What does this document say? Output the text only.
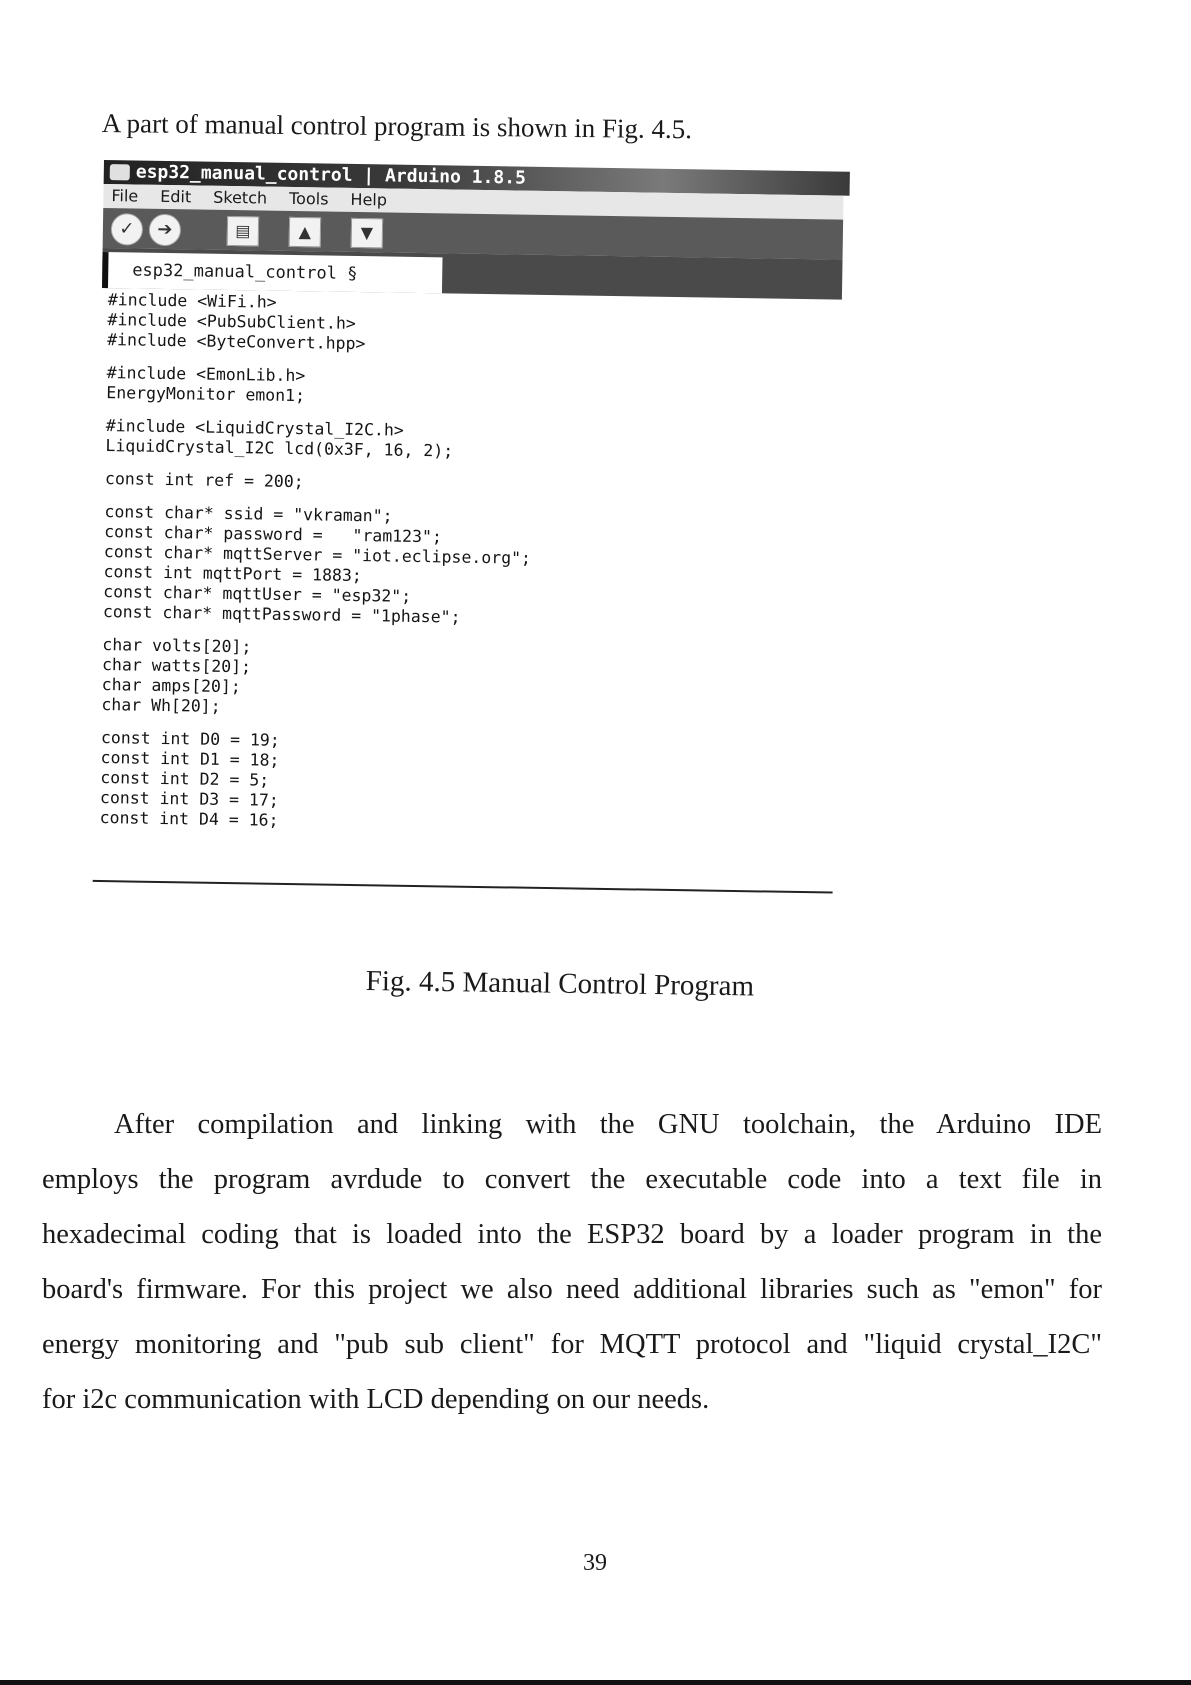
A part of manual control program is shown in Fig. 4.5.
esp32_manual_control | Arduino 1.8.5
File Edit Sketch Tools Help
✓	➔	▤	▲	▼
esp32_manual_control §
#include <WiFi.h>
#include <PubSubClient.h>
#include <ByteConvert.hpp>
#include <EmonLib.h>
EnergyMonitor emon1;
#include <LiquidCrystal_I2C.h>
LiquidCrystal_I2C lcd(0x3F, 16, 2);
const int ref = 200;
const char* ssid = "vkraman";
const char* password =   "ram123";
const char* mqttServer = "iot.eclipse.org";
const int mqttPort = 1883;
const char* mqttUser = "esp32";
const char* mqttPassword = "1phase";
char volts[20];
char watts[20];
char amps[20];
char Wh[20];
const int D0 = 19;
const int D1 = 18;
const int D2 = 5;
const int D3 = 17;
const int D4 = 16;
Fig. 4.5 Manual Control Program
After compilation and linking with the GNU toolchain, the Arduino IDE
employs the program avrdude to convert the executable code into a text file in
hexadecimal coding that is loaded into the ESP32 board by a loader program in the
board's firmware. For this project we also need additional libraries such as "emon" for
energy monitoring and "pub sub client" for MQTT protocol and "liquid crystal_I2C"
for i2c communication with LCD depending on our needs.
39
